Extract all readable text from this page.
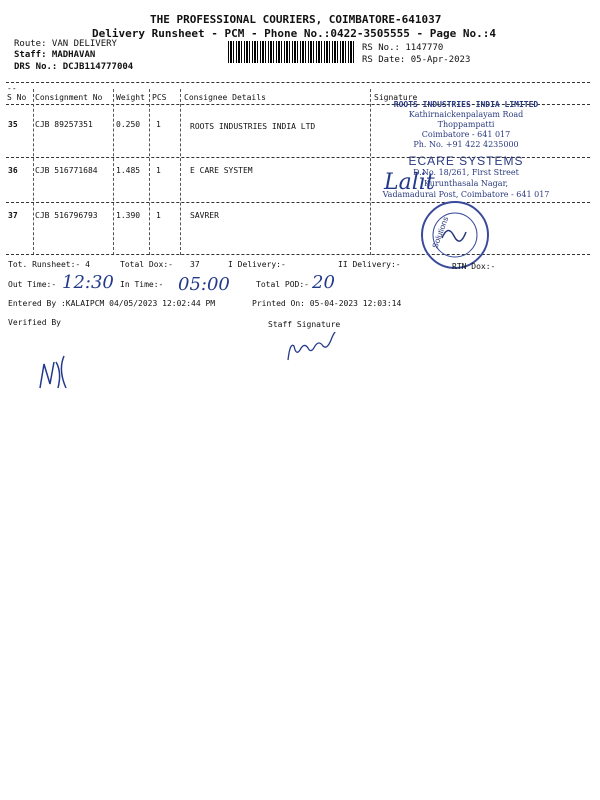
THE PROFESSIONAL COURIERS, COIMBATORE-641037
Delivery Runsheet - PCM - Phone No.:0422-3505555 - Page No.:4
Route: VAN DELIVERY
Staff: MADHAVAN
DRS No.: DCJB114777004
RS No.: 1147770
RS Date: 05-Apr-2023
--
S No Consignment No Weight PCS Consignee Details	Signature
35 CJB 89257351	0.250 1	ROOTS INDUSTRIES INDIA LTD
36 CJB 516771684 1.485 1	E CARE SYSTEM
37 CJB 516796793 1.390 1	SAVRER
ROOTS INDUSTRIES INDIA LIMITED
Kathirnaickenpalayam Road
Thoppampatti
Coimbatore - 641 017
Ph. No. +91 422 4235000
ECARE SYSTEMS
D.No. 18/261, First Street
Kurunthasala Nagar,
Vadamadurai Post, Coimbatore - 641 017
Solutions
Lalit
Tot. Runsheet:- 4	Total Dox:- 37	I Delivery:-	II Delivery:-	RTN Dox:-
Out Time:- 12:30 In Time:- 05:00	Total POD:- 20
Entered By :KALAIPCM 04/05/2023 12:02:44 PM	Printed On: 05-04-2023 12:03:14
Verified By	Staff Signature
